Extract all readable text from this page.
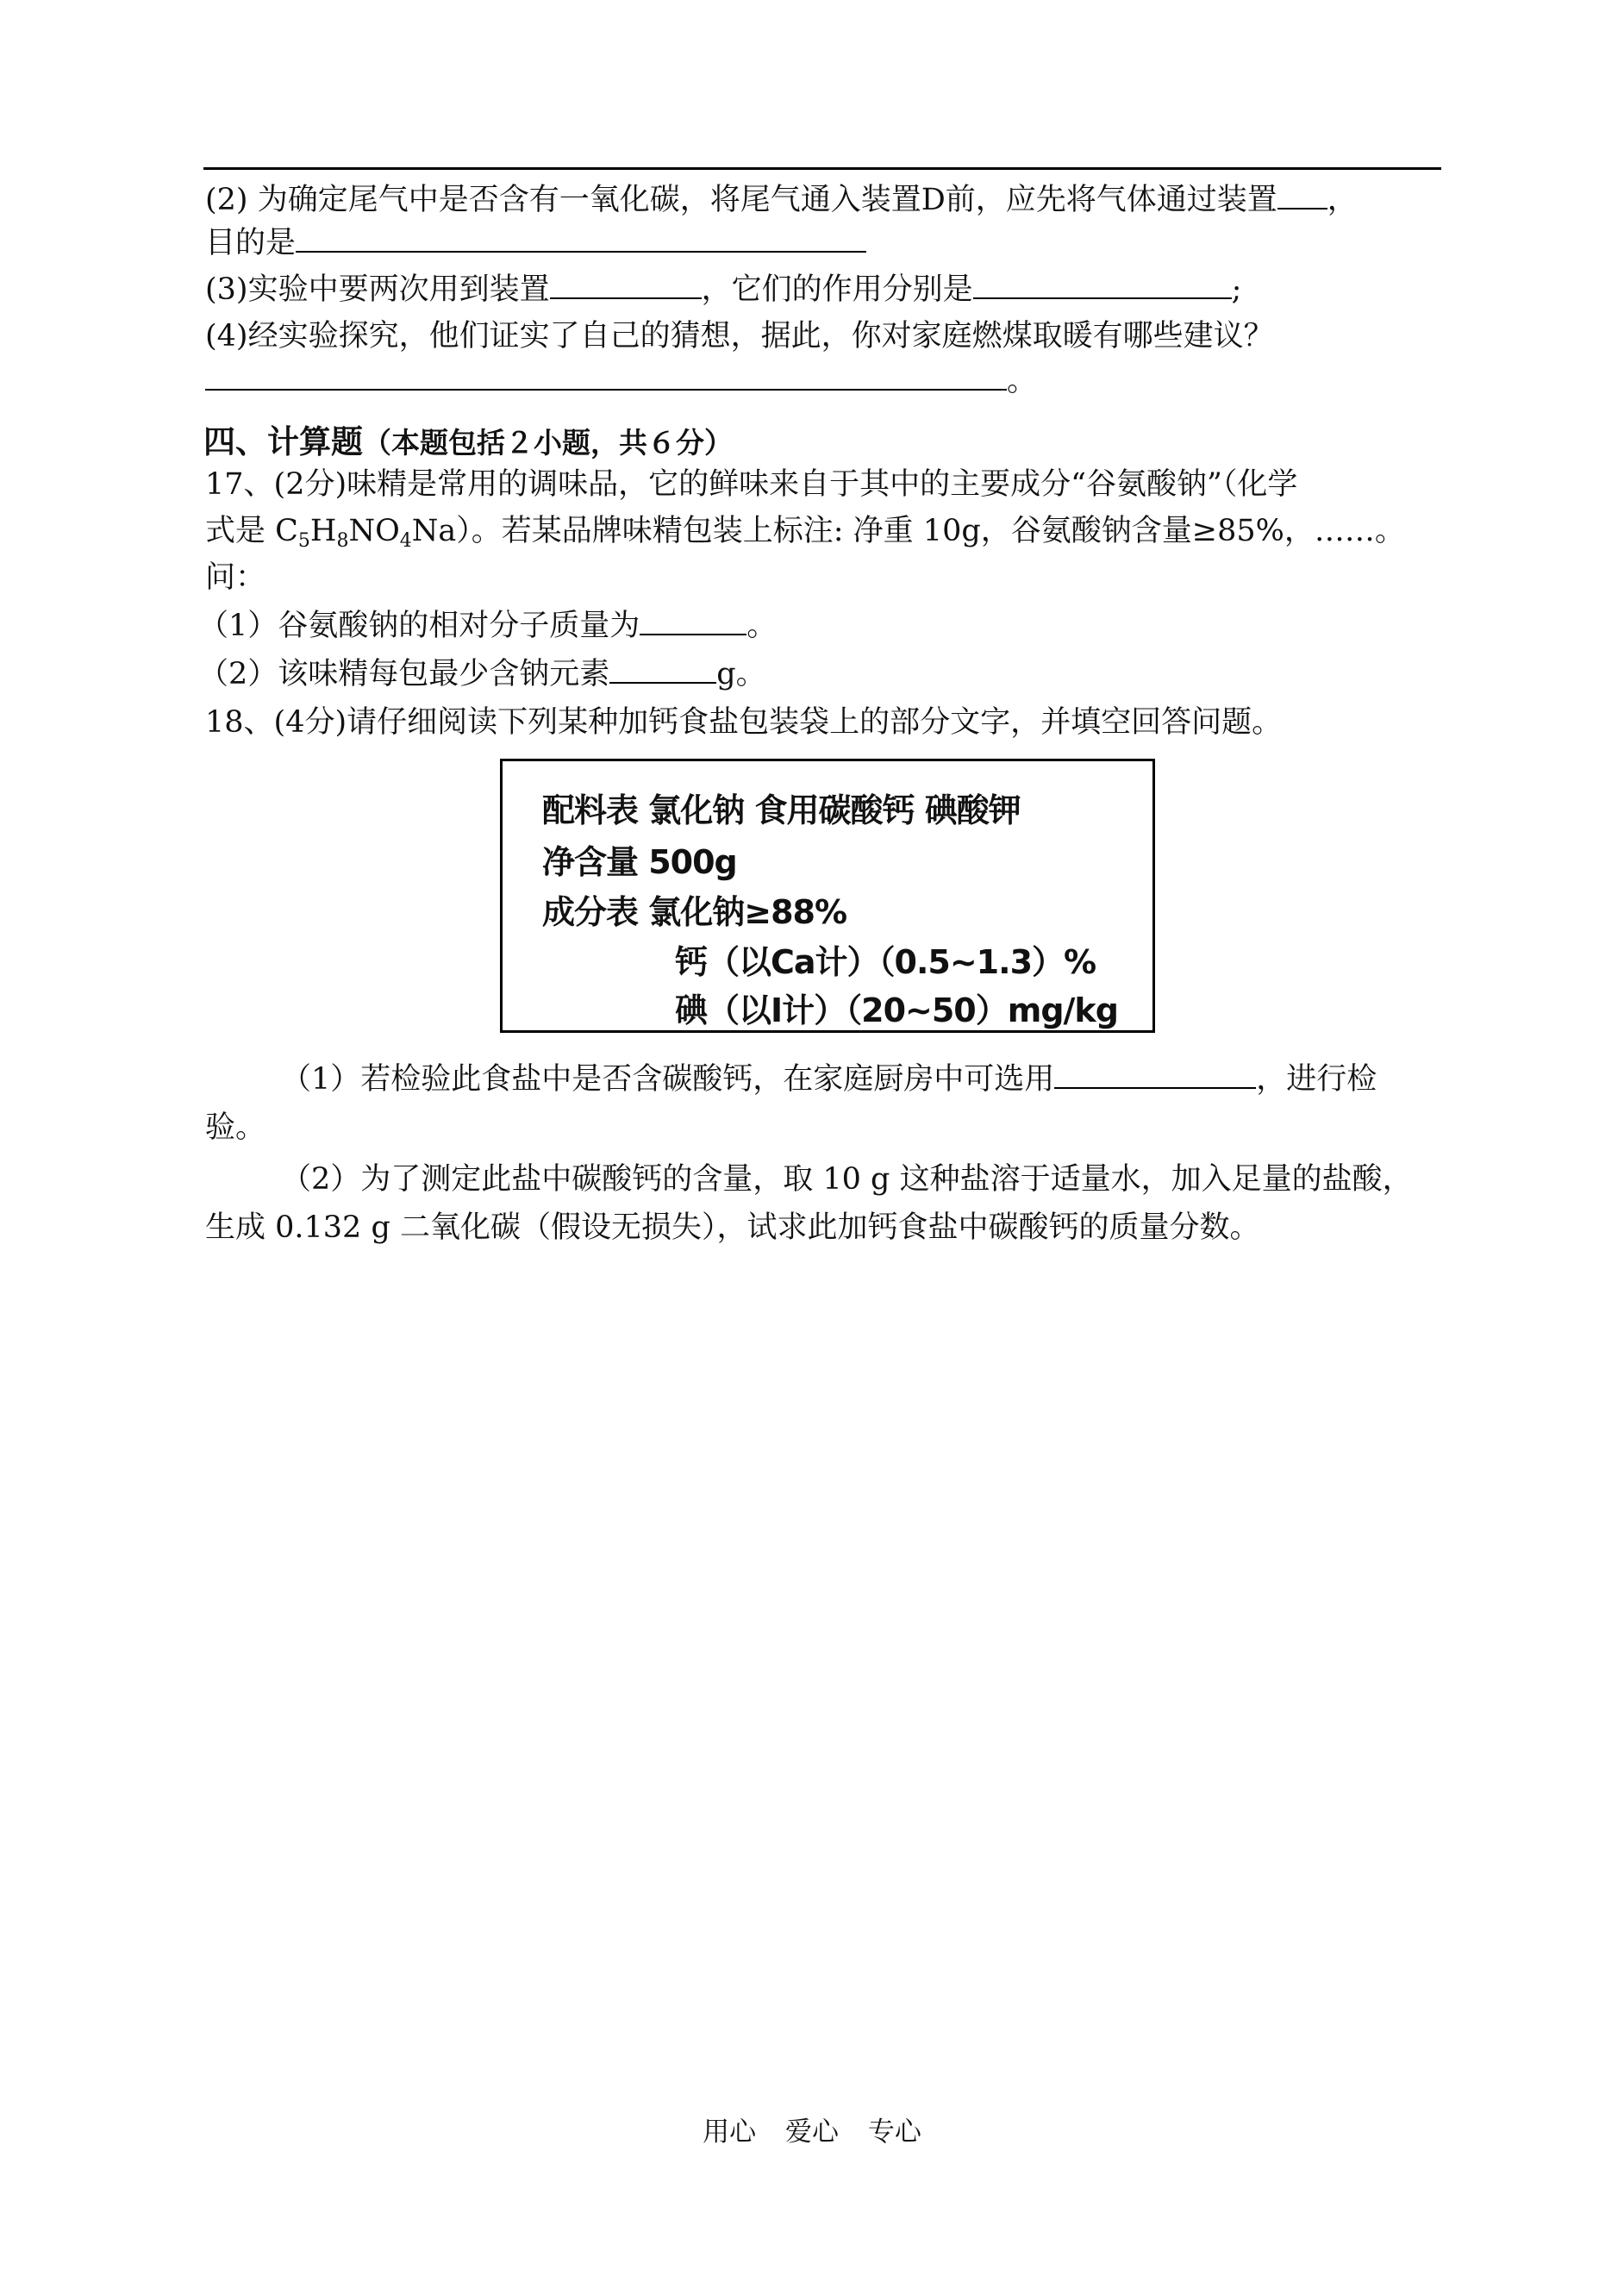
(2) 为确定尾气中是否含有一氧化碳，将尾气通入装置D前，应先将气体通过装置 ，
目的是
(3)实验中要两次用到装置	，它们的作用分别是	;
(4)经实验探究，他们证实了自己的猜想，据此，你对家庭燃煤取暖有哪些建议？
。
四、计算题（本题包括２小题，共６分）
17、(2分)味精是常用的调味品，它的鲜味来自于其中的主要成分“谷氨酸钠”（化学
式是 $C_5H_8NO_4Na$）。若某品牌味精包装上标注: 净重 10g，谷氨酸钠含量≥85%，……。
问：
（1）谷氨酸钠的相对分子质量为	。
（2）该味精每包最少含钠元素	g。
18、(4分)请仔细阅读下列某种加钙食盐包装袋上的部分文字，并填空回答问题。
配料表 氯化钠 食用碳酸钙 碘酸钾
净含量 500g
成分表 氯化钠≥88%
钙（以Ca计）（0.5~1.3）%
碘（以I计）（20~50）mg/kg
（1）若检验此食盐中是否含碳酸钙，在家庭厨房中可选用	，进行检
验。
（2）为了测定此盐中碳酸钙的含量，取 10 g 这种盐溶于适量水，加入足量的盐酸，
生成 0.132 g 二氧化碳（假设无损失），试求此加钙食盐中碳酸钙的质量分数。
用心 爱心 专心
